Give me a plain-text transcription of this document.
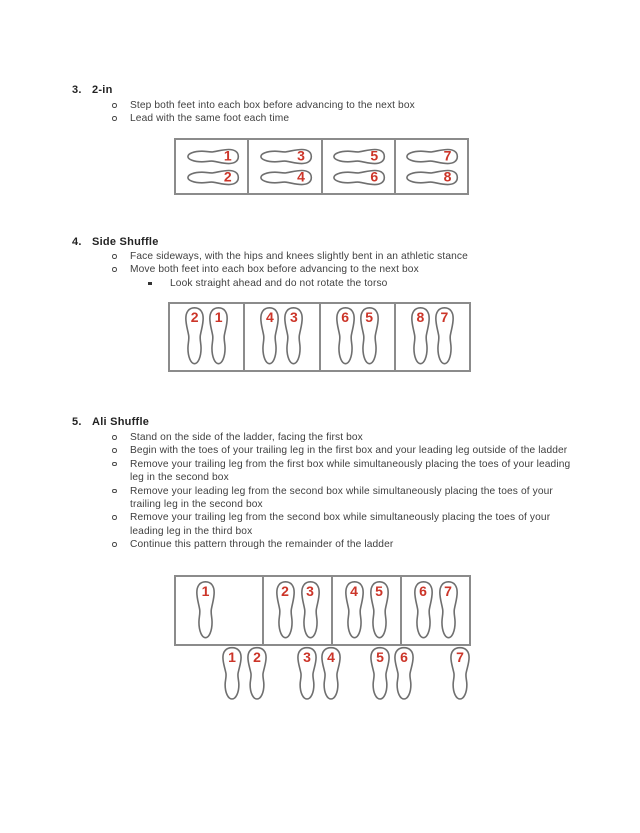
3. 2-in
Step both feet into each box before advancing to the next box
Lead with the same foot each time
1
2
3
4
5
6
7
8
4. Side Shuffle
Face sideways, with the hips and knees slightly bent in an athletic stance
Move both feet into each box before advancing to the next box
Look straight ahead and do not rotate the torso
2	1	4	3	6	5	8	7
5. Ali Shuffle
Stand on the side of the ladder, facing the first box
Begin with the toes of your trailing leg in the first box and your leading leg outside of the ladder
Remove your trailing leg from the first box while simultaneously placing the toes of your leading leg in the second box
Remove your leading leg from the second box while simultaneously placing the toes of your trailing leg in the second box
Remove your trailing leg from the second box while simultaneously placing the toes of your leading leg in the third box
Continue this pattern through the remainder of the ladder
1	2	3	4	5	6	7
1	2	3	4	5	6	7
